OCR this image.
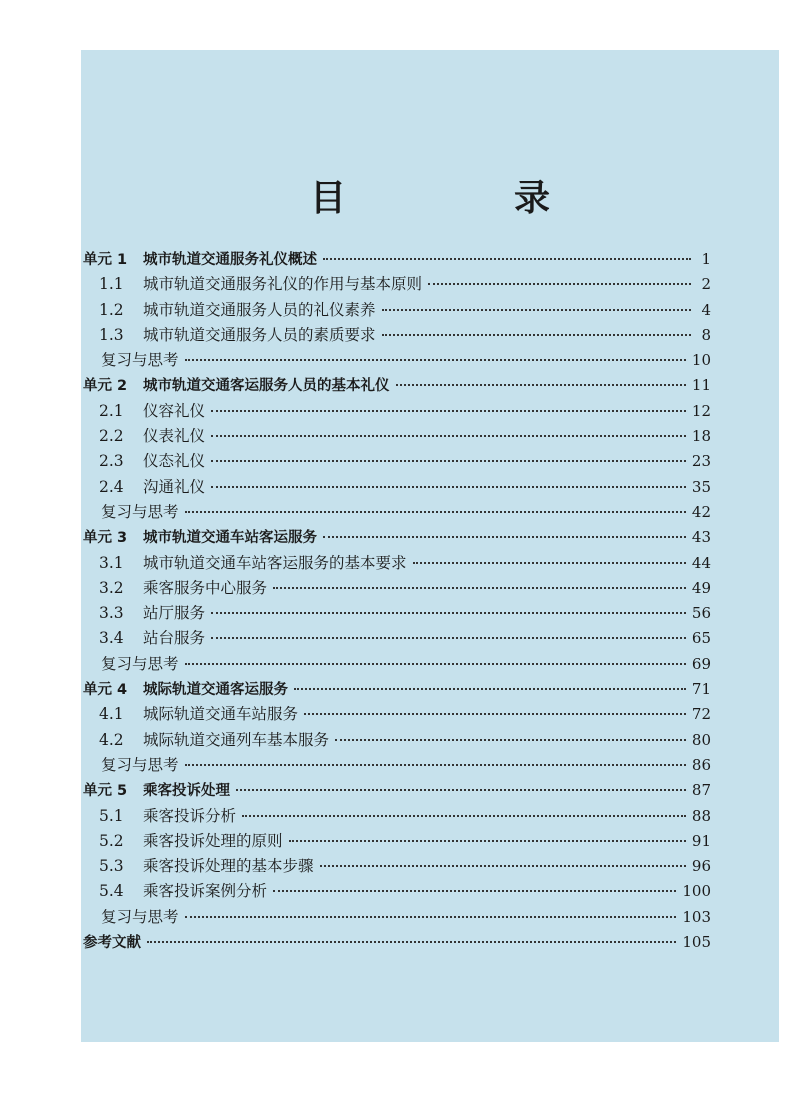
目　录
单元 1	城市轨道交通服务礼仪概述	1
1.1	城市轨道交通服务礼仪的作用与基本原则	2
1.2	城市轨道交通服务人员的礼仪素养	4
1.3	城市轨道交通服务人员的素质要求	8
复习与思考	10
单元 2	城市轨道交通客运服务人员的基本礼仪	11
2.1	仪容礼仪	12
2.2	仪表礼仪	18
2.3	仪态礼仪	23
2.4	沟通礼仪	35
复习与思考	42
单元 3	城市轨道交通车站客运服务	43
3.1	城市轨道交通车站客运服务的基本要求	44
3.2	乘客服务中心服务	49
3.3	站厅服务	56
3.4	站台服务	65
复习与思考	69
单元 4	城际轨道交通客运服务	71
4.1	城际轨道交通车站服务	72
4.2	城际轨道交通列车基本服务	80
复习与思考	86
单元 5	乘客投诉处理	87
5.1	乘客投诉分析	88
5.2	乘客投诉处理的原则	91
5.3	乘客投诉处理的基本步骤	96
5.4	乘客投诉案例分析	100
复习与思考	103
参考文献	105
